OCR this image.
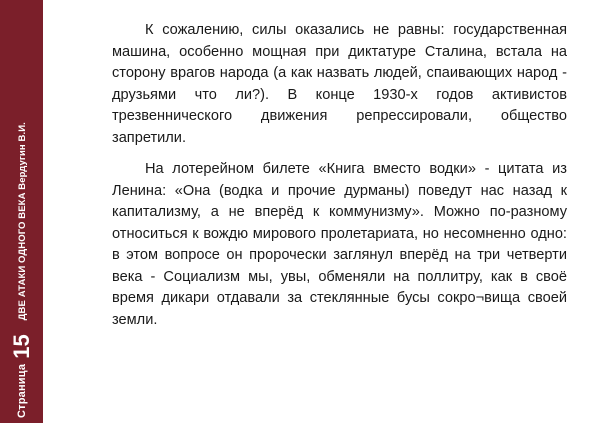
Страница
15
ДВЕ АТАКИ ОДНОГО ВЕКА Вердугин В.И.

К сожалению, силы оказались не равны: государственная машина, особенно мощная при диктатуре Сталина, встала на сторону врагов народа (а как назвать людей, спаивающих народ - друзьями что ли?). В конце 1930-х годов активистов трезвеннического движения репрессировали, общество запретили.

На лотерейном билете «Книга вместо водки» - цитата из Ленина: «Она (водка и прочие дурманы) поведут нас назад к капитализму, а не вперёд к коммунизму». Можно по-разному относиться к вождю мирового пролетариата, но несомненно одно: в этом вопросе он пророчески заглянул вперёд на три четверти века - Социализм мы, увы, обменяли на поллитру, как в своё время дикари отдавали за стеклянные бусы сокро¬вища своей земли.
